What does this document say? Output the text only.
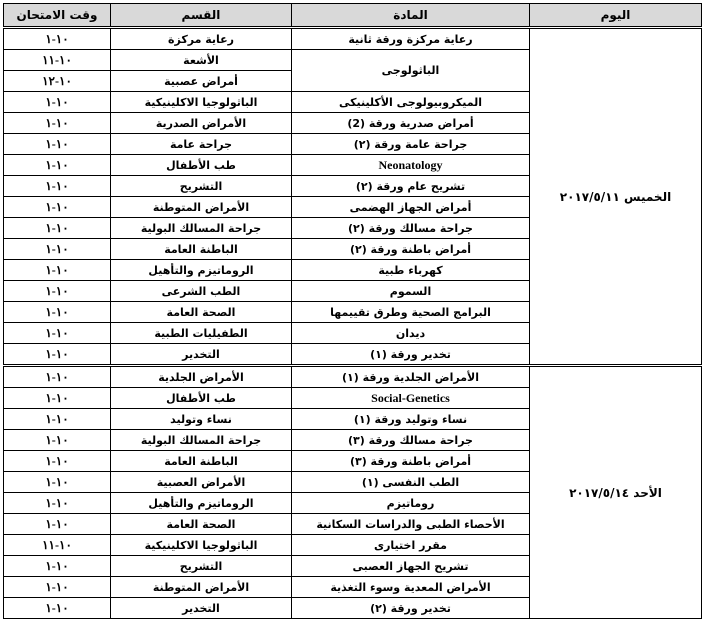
اليوم	المادة	القسم	وقت الامتحان
الخميس ٢٠١٧/٥/١١	رعاية مركزة ورقة ثانية	رعاية مركزة	١٠-١
	الباثولوجى	الأشعة	١٠-١١
		أمراض عصبية	١٠-١٢
	الميكروبيولوجى الأكلينيكى	الباثولوجيا الاكلينيكية	١٠-١
	أمراض صدرية ورقة (2)	الأمراض الصدرية	١٠-١
	جراحة عامة ورقة (٢)	جراحة عامة	١٠-١
	Neonatology	طب الأطفال	١٠-١
	تشريح عام ورقة (٢)	التشريح	١٠-١
	أمراض الجهاز الهضمى	الأمراض المتوطنة	١٠-١
	جراحة مسالك ورقة (٢)	جراحة المسالك البولية	١٠-١
	أمراض باطنة ورقة (٢)	الباطنة العامة	١٠-١
	كهرباء طبية	الروماتيزم والتأهيل	١٠-١
	السموم	الطب الشرعى	١٠-١
	البرامج الصحية وطرق تقييمها	الصحة العامة	١٠-١
	ديدان	الطفيليات الطبية	١٠-١
	تخدير ورقة (١)	التخدير	١٠-١
الأحد ٢٠١٧/٥/١٤	الأمراض الجلدية ورقة (١)	الأمراض الجلدية	١٠-١
	Social-Genetics	طب الأطفال	١٠-١
	نساء وتوليد ورقة (١)	نساء وتوليد	١٠-١
	جراحة مسالك ورقة (٣)	جراحة المسالك البولية	١٠-١
	أمراض باطنة ورقة (٣)	الباطنة العامة	١٠-١
	الطب النفسى (١)	الأمراض العصبية	١٠-١
	روماتيزم	الروماتيزم والتأهيل	١٠-١
	الأحصاء الطبى والدراسات السكانية	الصحة العامة	١٠-١
	مقرر اختيارى	الباثولوجيا الاكلينيكية	١٠-١١
	تشريح الجهاز العصبى	التشريح	١٠-١
	الأمراض المعدية وسوء التغذية	الأمراض المتوطنة	١٠-١
	تخدير ورقة (٢)	التخدير	١٠-١
